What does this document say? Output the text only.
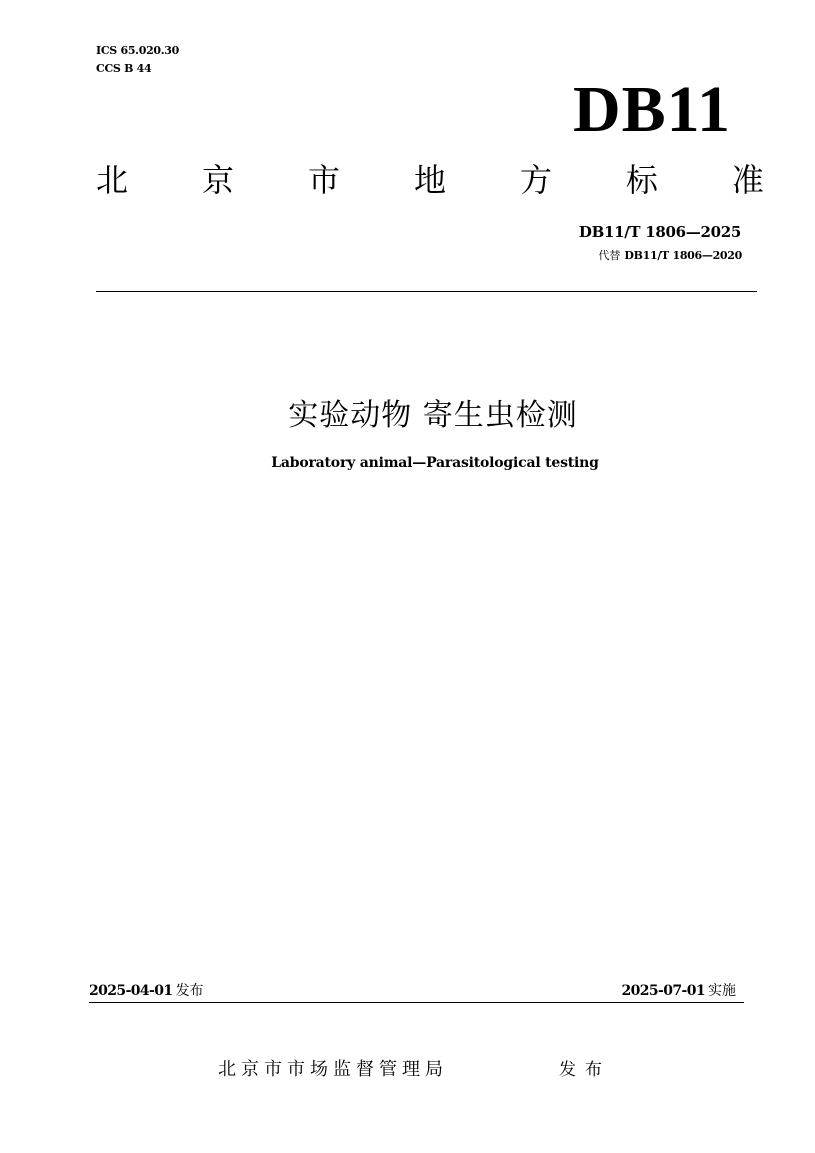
ICS 65.020.30
CCS B 44
DB11
北 京 市 地 方 标 准
DB11/T 1806—2025
代替 DB11/T 1806—2020
实验动物 寄生虫检测
Laboratory animal—Parasitological testing
2025-04-01 发布	2025-07-01 实施
北京市市场监督管理局	发布
